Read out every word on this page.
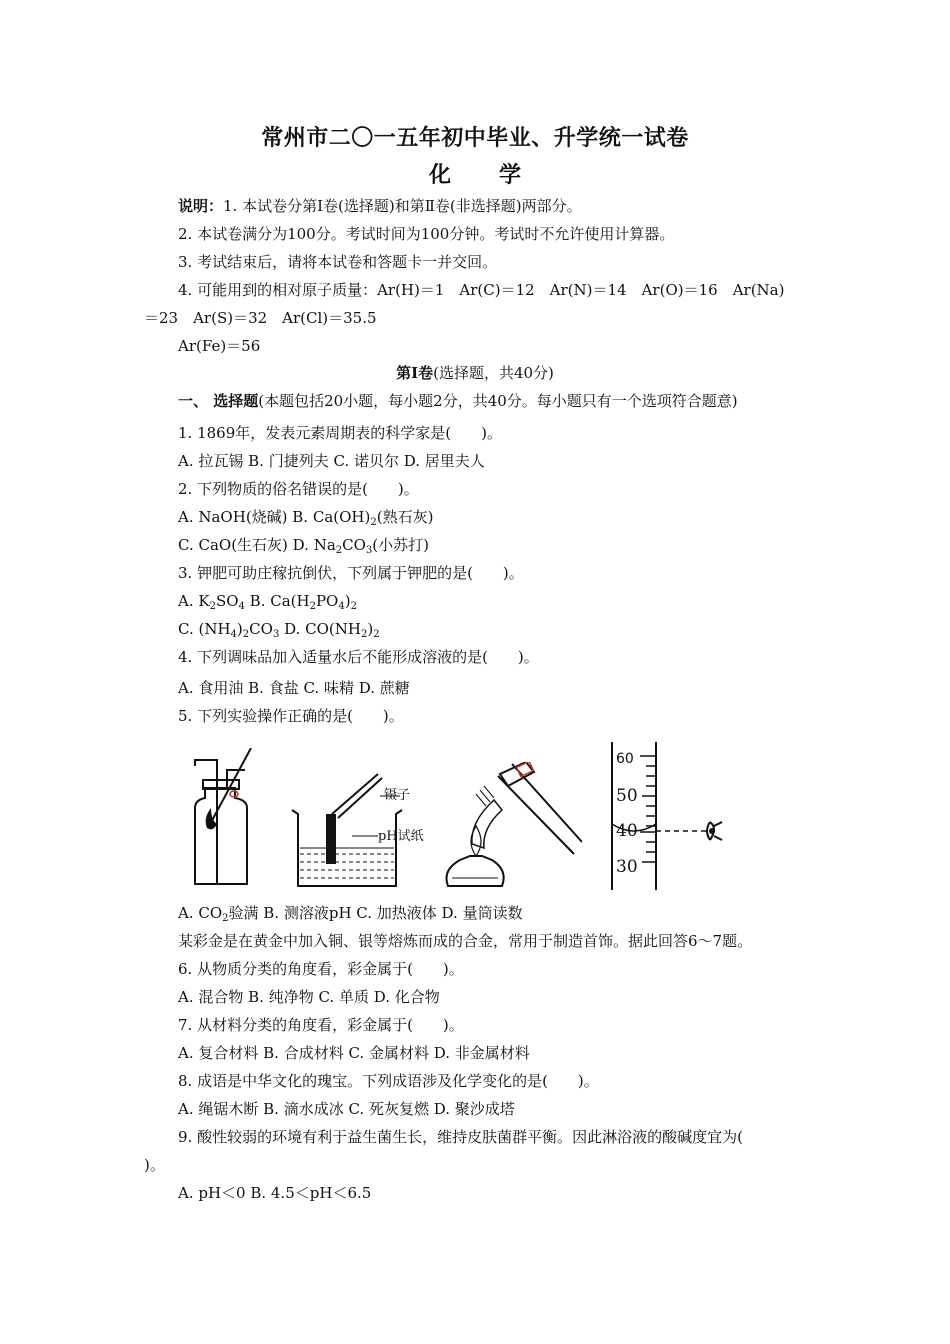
常州市二〇一五年初中毕业、升学统一试卷
化 学
说明：1. 本试卷分第Ⅰ卷(选择题)和第Ⅱ卷(非选择题)两部分。
2. 本试卷满分为100分。考试时间为100分钟。考试时不允许使用计算器。
3. 考试结束后，请将本试卷和答题卡一并交回。
4. 可能用到的相对原子质量：Ar(H)＝1　Ar(C)＝12　Ar(N)＝14　Ar(O)＝16　Ar(Na)
＝23　Ar(S)＝32　Ar(Cl)＝35.5
Ar(Fe)＝56
第Ⅰ卷(选择题，共40分)
一、 选择题(本题包括20小题，每小题2分，共40分。每小题只有一个选项符合题意)
1. 1869年，发表元素周期表的科学家是(　　)。
A. 拉瓦锡 B. 门捷列夫 C. 诺贝尔 D. 居里夫人
2. 下列物质的俗名错误的是(　　)。
A. NaOH(烧碱) B. $Ca(OH)_2$(熟石灰)
C. CaO(生石灰) D. $Na_2CO_3$(小苏打)
3. 钾肥可助庄稼抗倒伏，下列属于钾肥的是(　　)。
A. $K_2SO_4$ B. $Ca(H_2PO_4)_2$
C. $(NH_4)_2CO_3$ D. $CO(NH_2)_2$
4. 下列调味品加入适量水后不能形成溶液的是(　　)。
A. 食用油 B. 食盐 C. 味精 D. 蔗糖
5. 下列实验操作正确的是(　　)。
镊子
pH试纸
60
50
40
30
A. $CO_2$验满 B. 测溶液pH C. 加热液体 D. 量筒读数
某彩金是在黄金中加入铜、银等熔炼而成的合金，常用于制造首饰。据此回答6～7题。
6. 从物质分类的角度看，彩金属于(　　)。
A. 混合物 B. 纯净物 C. 单质 D. 化合物
7. 从材料分类的角度看，彩金属于(　　)。
A. 复合材料 B. 合成材料 C. 金属材料 D. 非金属材料
8. 成语是中华文化的瑰宝。下列成语涉及化学变化的是(　　)。
A. 绳锯木断 B. 滴水成冰 C. 死灰复燃 D. 聚沙成塔
9. 酸性较弱的环境有利于益生菌生长，维持皮肤菌群平衡。因此淋浴液的酸碱度宜为(
)。
A. pH＜0 B. 4.5＜pH＜6.5
